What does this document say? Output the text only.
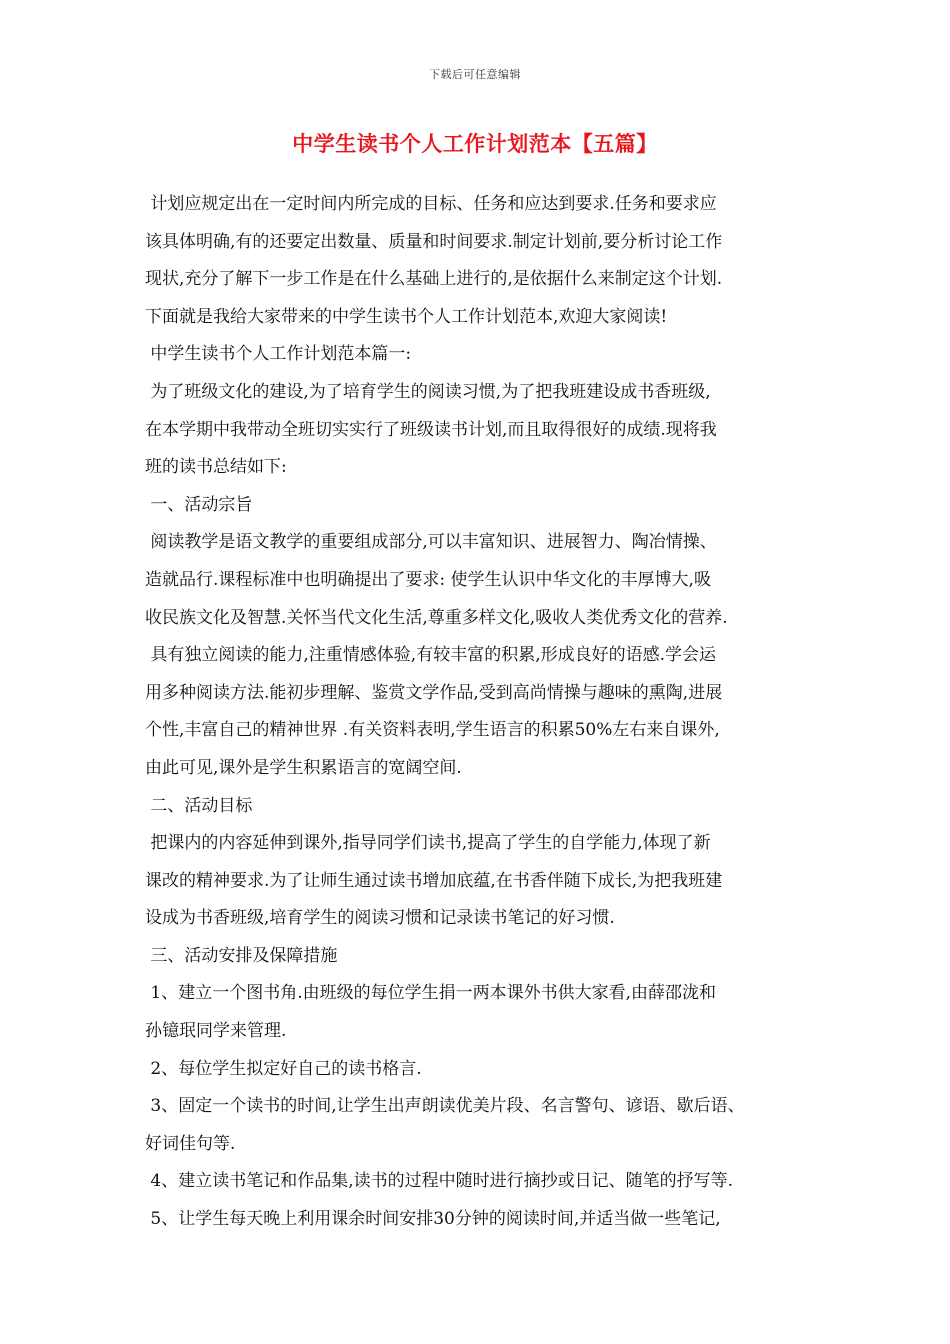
下载后可任意编辑
中学生读书个人工作计划范本【五篇】
计划应规定出在一定时间内所完成的目标、任务和应达到要求.任务和要求应
该具体明确,有的还要定出数量、质量和时间要求.制定计划前,要分析讨论工作
现状,充分了解下一步工作是在什么基础上进行的,是依据什么来制定这个计划.
下面就是我给大家带来的中学生读书个人工作计划范本,欢迎大家阅读!
中学生读书个人工作计划范本篇一:
为了班级文化的建设,为了培育学生的阅读习惯,为了把我班建设成书香班级,
在本学期中我带动全班切实实行了班级读书计划,而且取得很好的成绩.现将我
班的读书总结如下:
一、活动宗旨
阅读教学是语文教学的重要组成部分,可以丰富知识、进展智力、陶冶情操、
造就品行.课程标准中也明确提出了要求: 使学生认识中华文化的丰厚博大,吸
收民族文化及智慧.关怀当代文化生活,尊重多样文化,吸收人类优秀文化的营养.
具有独立阅读的能力,注重情感体验,有较丰富的积累,形成良好的语感.学会运
用多种阅读方法.能初步理解、鉴赏文学作品,受到高尚情操与趣味的熏陶,进展
个性,丰富自己的精神世界 .有关资料表明,学生语言的积累50%左右来自课外,
由此可见,课外是学生积累语言的宽阔空间.
二、活动目标
把课内的内容延伸到课外,指导同学们读书,提高了学生的自学能力,体现了新
课改的精神要求.为了让师生通过读书增加底蕴,在书香伴随下成长,为把我班建
设成为书香班级,培育学生的阅读习惯和记录读书笔记的好习惯.
三、活动安排及保障措施
1、建立一个图书角.由班级的每位学生捐一两本课外书供大家看,由薛邵泷和
孙镱珉同学来管理.
2、每位学生拟定好自己的读书格言.
3、固定一个读书的时间,让学生出声朗读优美片段、名言警句、谚语、歇后语、
好词佳句等.
4、建立读书笔记和作品集,读书的过程中随时进行摘抄或日记、随笔的抒写等.
5、让学生每天晚上利用课余时间安排30分钟的阅读时间,并适当做一些笔记,
